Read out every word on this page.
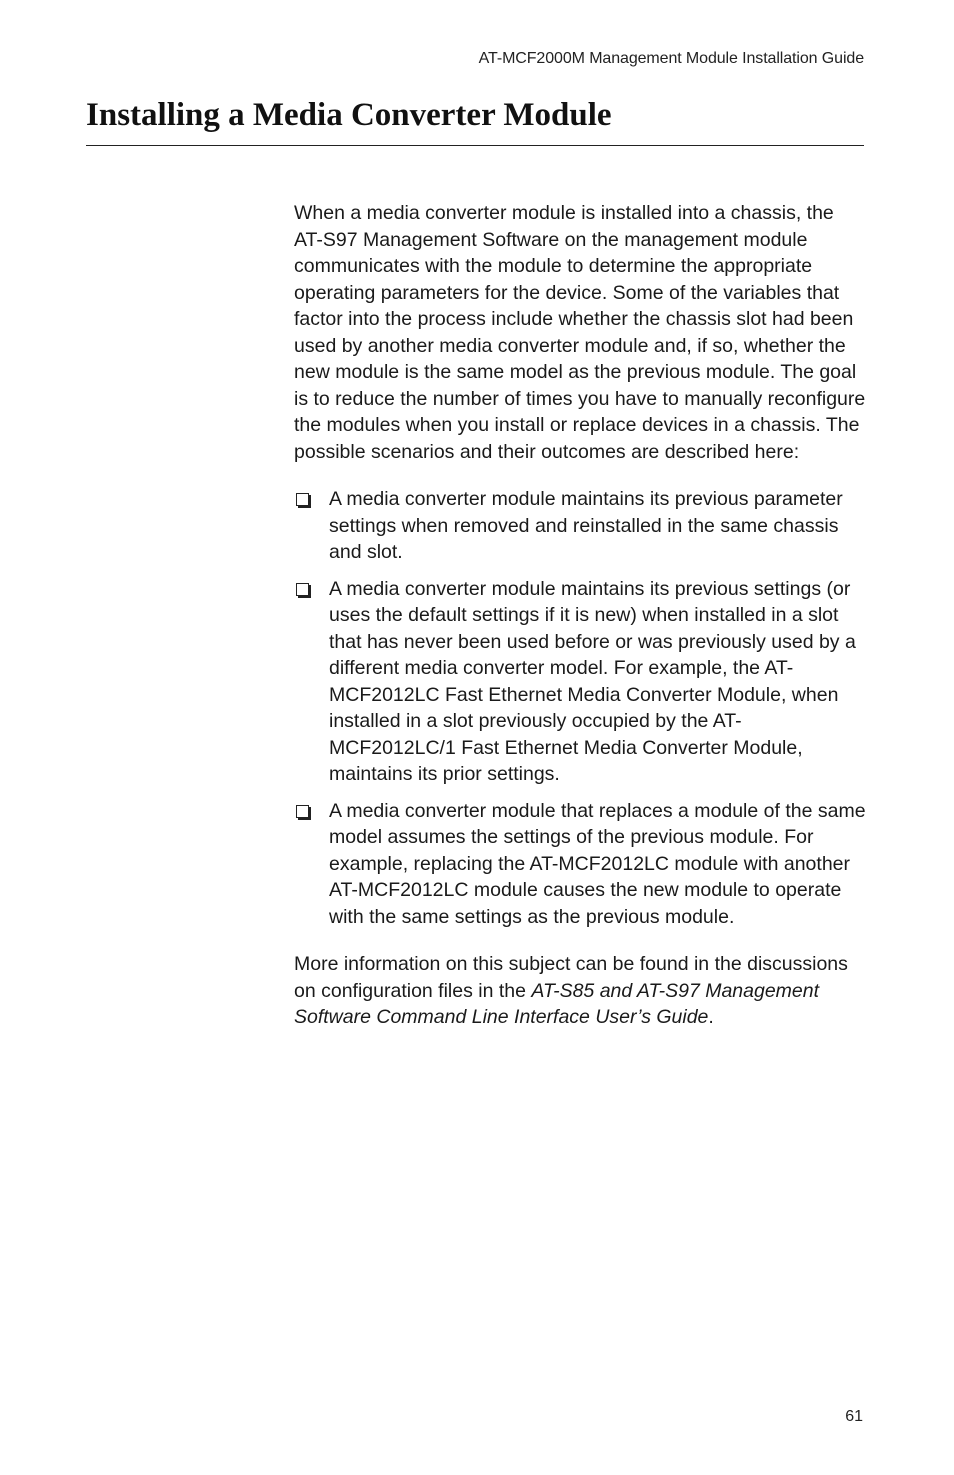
AT-MCF2000M Management Module Installation Guide
Installing a Media Converter Module

When a media converter module is installed into a chassis, the AT-S97 Management Software on the management module communicates with the module to determine the appropriate operating parameters for the device. Some of the variables that factor into the process include whether the chassis slot had been used by another media converter module and, if so, whether the new module is the same model as the previous module. The goal is to reduce the number of times you have to manually reconfigure the modules when you install or replace devices in a chassis. The possible scenarios and their outcomes are described here:

A media converter module maintains its previous parameter settings when removed and reinstalled in the same chassis and slot.
A media converter module maintains its previous settings (or uses the default settings if it is new) when installed in a slot that has never been used before or was previously used by a different media converter model. For example, the AT-MCF2012LC Fast Ethernet Media Converter Module, when installed in a slot previously occupied by the AT-MCF2012LC/1 Fast Ethernet Media Converter Module, maintains its prior settings.
A media converter module that replaces a module of the same model assumes the settings of the previous module. For example, replacing the AT-MCF2012LC module with another AT-MCF2012LC module causes the new module to operate with the same settings as the previous module.

More information on this subject can be found in the discussions on configuration files in the AT-S85 and AT-S97 Management Software Command Line Interface User’s Guide.

61
